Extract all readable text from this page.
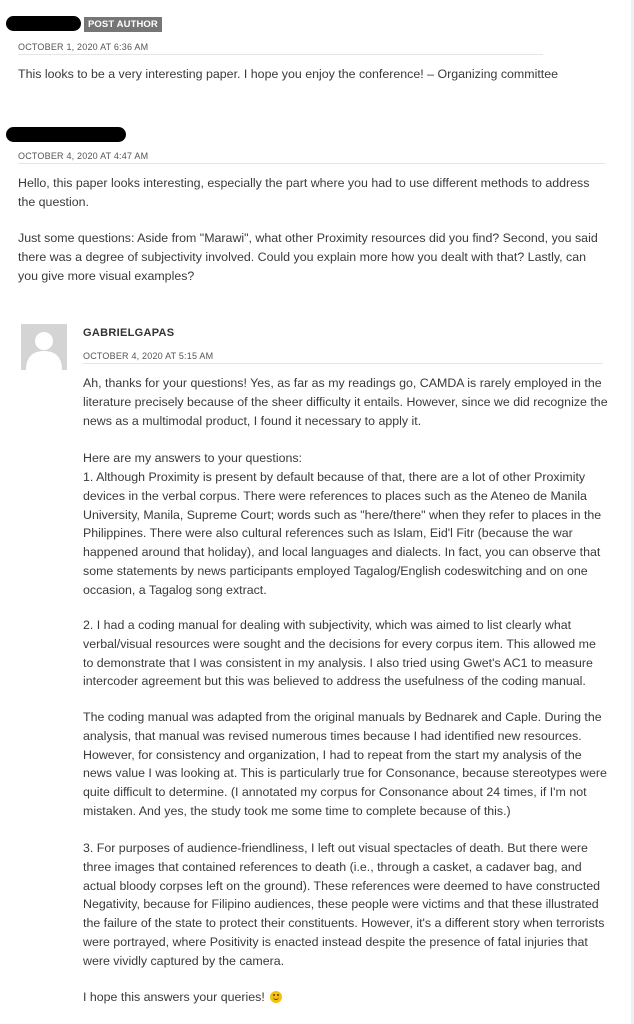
POST AUTHOR
OCTOBER 1, 2020 AT 6:36 AM

This looks to be a very interesting paper. I hope you enjoy the conference! – Organizing committee

OCTOBER 4, 2020 AT 4:47 AM

Hello, this paper looks interesting, especially the part where you had to use different methods to address the question.

Just some questions: Aside from "Marawi", what other Proximity resources did you find? Second, you said there was a degree of subjectivity involved. Could you explain more how you dealt with that? Lastly, can you give more visual examples?

GABRIELGAPAS
OCTOBER 4, 2020 AT 5:15 AM

Ah, thanks for your questions! Yes, as far as my readings go, CAMDA is rarely employed in the literature precisely because of the sheer difficulty it entails. However, since we did recognize the news as a multimodal product, I found it necessary to apply it.

Here are my answers to your questions:

1. Although Proximity is present by default because of that, there are a lot of other Proximity devices in the verbal corpus. There were references to places such as the Ateneo de Manila University, Manila, Supreme Court; words such as "here/there" when they refer to places in the Philippines. There were also cultural references such as Islam, Eid'l Fitr (because the war happened around that holiday), and local languages and dialects. In fact, you can observe that some statements by news participants employed Tagalog/English codeswitching and on one occasion, a Tagalog song extract.

2. I had a coding manual for dealing with subjectivity, which was aimed to list clearly what verbal/visual resources were sought and the decisions for every corpus item. This allowed me to demonstrate that I was consistent in my analysis. I also tried using Gwet's AC1 to measure intercoder agreement but this was believed to address the usefulness of the coding manual.

The coding manual was adapted from the original manuals by Bednarek and Caple. During the analysis, that manual was revised numerous times because I had identified new resources. However, for consistency and organization, I had to repeat from the start my analysis of the news value I was looking at. This is particularly true for Consonance, because stereotypes were quite difficult to determine. (I annotated my corpus for Consonance about 24 times, if I'm not mistaken. And yes, the study took me some time to complete because of this.)

3. For purposes of audience-friendliness, I left out visual spectacles of death. But there were three images that contained references to death (i.e., through a casket, a cadaver bag, and actual bloody corpses left on the ground). These references were deemed to have constructed Negativity, because for Filipino audiences, these people were victims and that these illustrated the failure of the state to protect their constituents. However, it's a different story when terrorists were portrayed, where Positivity is enacted instead despite the presence of fatal injuries that were vividly captured by the camera.

I hope this answers your queries!
